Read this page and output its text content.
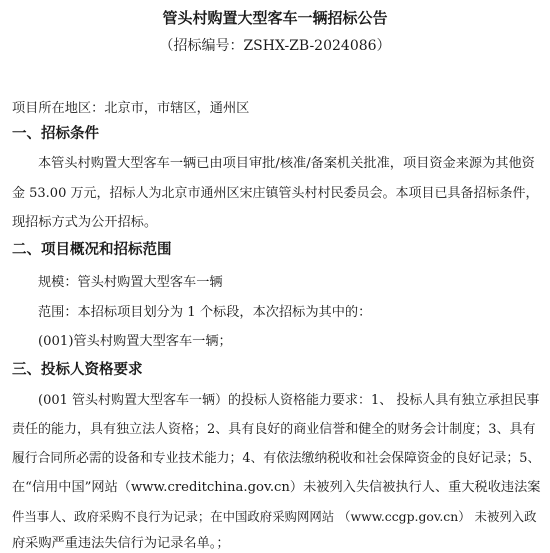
管头村购置大型客车一辆招标公告
（招标编号：ZSHX-ZB-2024086）
项目所在地区：北京市，市辖区，通州区
一、招标条件
本管头村购置大型客车一辆已由项目审批/核准/备案机关批准，项目资金来源为其他资
金 53.00 万元，招标人为北京市通州区宋庄镇管头村村民委员会。本项目已具备招标条件，
现招标方式为公开招标。
二、项目概况和招标范围
规模：管头村购置大型客车一辆
范围：本招标项目划分为 1 个标段，本次招标为其中的：
(001)管头村购置大型客车一辆；
三、投标人资格要求
(001 管头村购置大型客车一辆）的投标人资格能力要求：1、 投标人具有独立承担民事
责任的能力，具有独立法人资格；2、具有良好的商业信誉和健全的财务会计制度；3、具有
履行合同所必需的设备和专业技术能力；4、有依法缴纳税收和社会保障资金的良好记录；5、
在“信用中国”网站（www.creditchina.gov.cn）未被列入失信被执行人、重大税收违法案
件当事人、政府采购不良行为记录；在中国政府采购网网站 （www.ccgp.gov.cn） 未被列入政
府采购严重违法失信行为记录名单。；
